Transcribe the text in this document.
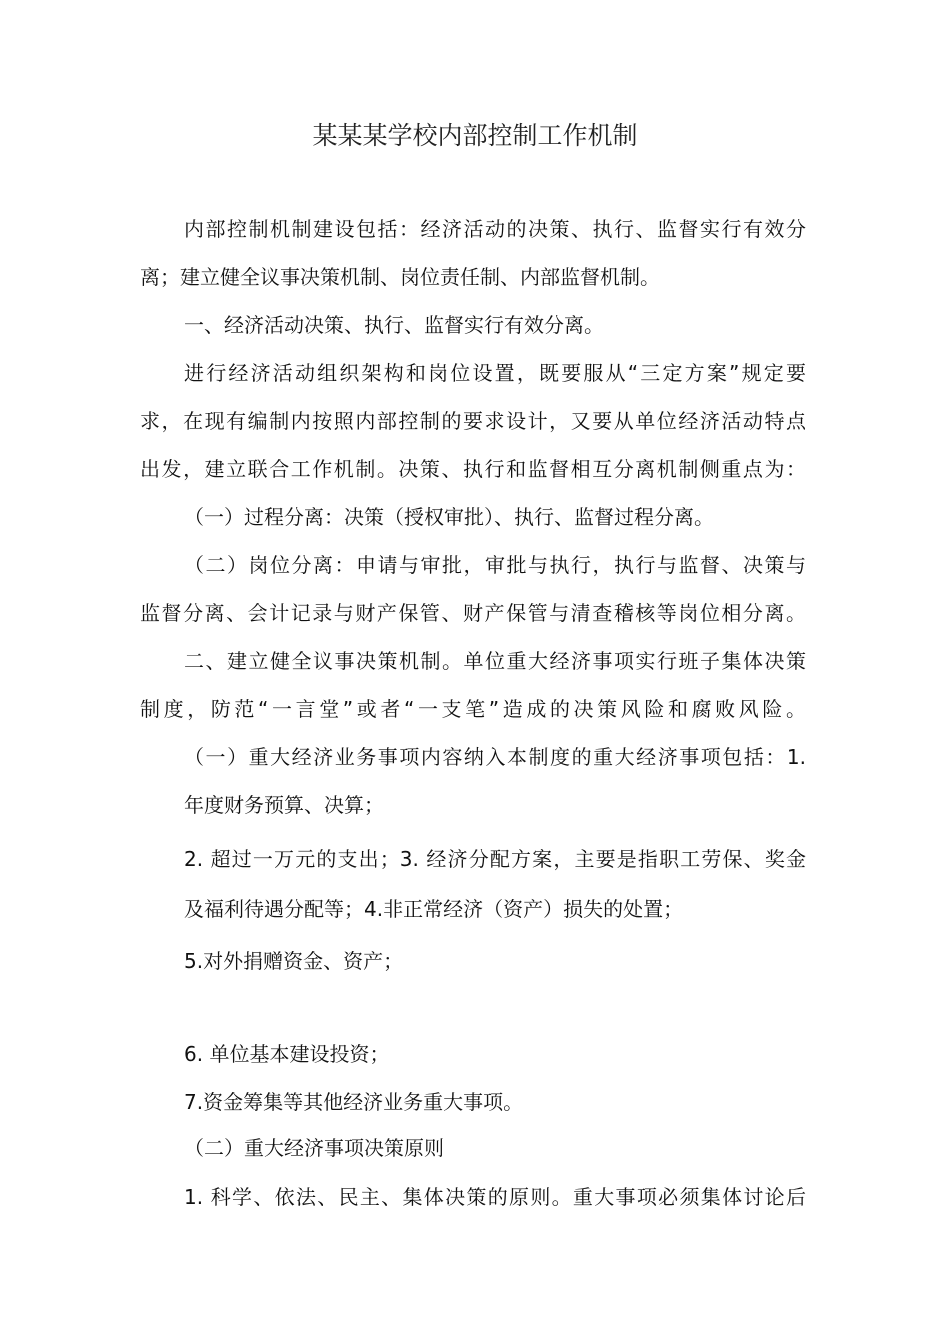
某某某学校内部控制工作机制
内部控制机制建设包括：经济活动的决策、执行、监督实行有效分
离；建立健全议事决策机制、岗位责任制、内部监督机制。
一、经济活动决策、执行、监督实行有效分离。
进行经济活动组织架构和岗位设置，既要服从“三定方案”规定要
求，在现有编制内按照内部控制的要求设计，又要从单位经济活动特点
出发，建立联合工作机制。决策、执行和监督相互分离机制侧重点为：
（一）过程分离：决策（授权审批）、执行、监督过程分离。
（二）岗位分离：申请与审批，审批与执行，执行与监督、决策与
监督分离、会计记录与财产保管、财产保管与清查稽核等岗位相分离。
二、建立健全议事决策机制。单位重大经济事项实行班子集体决策
制度，防范“一言堂”或者“一支笔”造成的决策风险和腐败风险。
（一）重大经济业务事项内容纳入本制度的重大经济事项包括：1.
年度财务预算、决算；
2. 超过一万元的支出；3. 经济分配方案，主要是指职工劳保、奖金
及福利待遇分配等；4.非正常经济（资产）损失的处置；
5.对外捐赠资金、资产；
6. 单位基本建设投资；
7.资金筹集等其他经济业务重大事项。
（二）重大经济事项决策原则
1. 科学、依法、民主、集体决策的原则。重大事项必须集体讨论后
